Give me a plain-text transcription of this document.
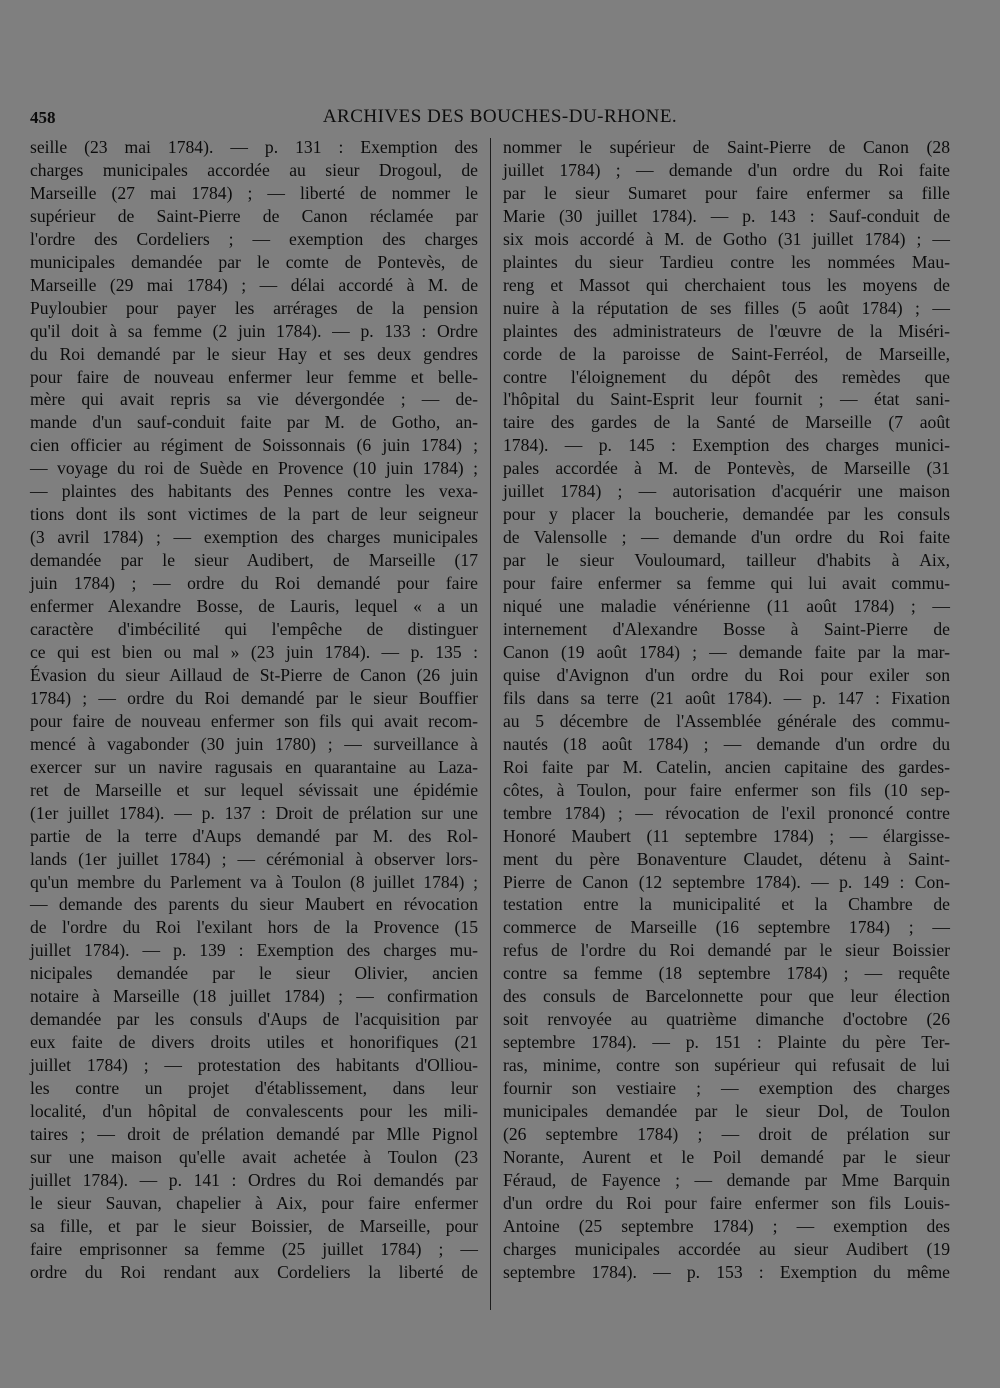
458	ARCHIVES DES BOUCHES-DU-RHONE.
seille (23 mai 1784). — p. 131 : Exemption des
charges municipales accordée au sieur Drogoul, de
Marseille (27 mai 1784) ; — liberté de nommer le
supérieur de Saint-Pierre de Canon réclamée par
l'ordre des Cordeliers ; — exemption des charges
municipales demandée par le comte de Pontevès, de
Marseille (29 mai 1784) ; — délai accordé à M. de
Puyloubier pour payer les arrérages de la pension
qu'il doit à sa femme (2 juin 1784). — p. 133 : Ordre
du Roi demandé par le sieur Hay et ses deux gendres
pour faire de nouveau enfermer leur femme et belle-
mère qui avait repris sa vie dévergondée ; — de-
mande d'un sauf-conduit faite par M. de Gotho, an-
cien officier au régiment de Soissonnais (6 juin 1784) ;
— voyage du roi de Suède en Provence (10 juin 1784) ;
— plaintes des habitants des Pennes contre les vexa-
tions dont ils sont victimes de la part de leur seigneur
(3 avril 1784) ; — exemption des charges municipales
demandée par le sieur Audibert, de Marseille (17
juin 1784) ; — ordre du Roi demandé pour faire
enfermer Alexandre Bosse, de Lauris, lequel « a un
caractère d'imbécilité qui l'empêche de distinguer
ce qui est bien ou mal » (23 juin 1784). — p. 135 :
Évasion du sieur Aillaud de St-Pierre de Canon (26 juin
1784) ; — ordre du Roi demandé par le sieur Bouffier
pour faire de nouveau enfermer son fils qui avait recom-
mencé à vagabonder (30 juin 1780) ; — surveillance à
exercer sur un navire ragusais en quarantaine au Laza-
ret de Marseille et sur lequel sévissait une épidémie
(1er juillet 1784). — p. 137 : Droit de prélation sur une
partie de la terre d'Aups demandé par M. des Rol-
lands (1er juillet 1784) ; — cérémonial à observer lors-
qu'un membre du Parlement va à Toulon (8 juillet 1784) ;
— demande des parents du sieur Maubert en révocation
de l'ordre du Roi l'exilant hors de la Provence (15
juillet 1784). — p. 139 : Exemption des charges mu-
nicipales demandée par le sieur Olivier, ancien
notaire à Marseille (18 juillet 1784) ; — confirmation
demandée par les consuls d'Aups de l'acquisition par
eux faite de divers droits utiles et honorifiques (21
juillet 1784) ; — protestation des habitants d'Olliou-
les contre un projet d'établissement, dans leur
localité, d'un hôpital de convalescents pour les mili-
taires ; — droit de prélation demandé par Mlle Pignol
sur une maison qu'elle avait achetée à Toulon (23
juillet 1784). — p. 141 : Ordres du Roi demandés par
le sieur Sauvan, chapelier à Aix, pour faire enfermer
sa fille, et par le sieur Boissier, de Marseille, pour
faire emprisonner sa femme (25 juillet 1784) ; —
ordre du Roi rendant aux Cordeliers la liberté de
nommer le supérieur de Saint-Pierre de Canon (28
juillet 1784) ; — demande d'un ordre du Roi faite
par le sieur Sumaret pour faire enfermer sa fille
Marie (30 juillet 1784). — p. 143 : Sauf-conduit de
six mois accordé à M. de Gotho (31 juillet 1784) ; —
plaintes du sieur Tardieu contre les nommées Mau-
reng et Massot qui cherchaient tous les moyens de
nuire à la réputation de ses filles (5 août 1784) ; —
plaintes des administrateurs de l'œuvre de la Miséri-
corde de la paroisse de Saint-Ferréol, de Marseille,
contre l'éloignement du dépôt des remèdes que
l'hôpital du Saint-Esprit leur fournit ; — état sani-
taire des gardes de la Santé de Marseille (7 août
1784). — p. 145 : Exemption des charges munici-
pales accordée à M. de Pontevès, de Marseille (31
juillet 1784) ; — autorisation d'acquérir une maison
pour y placer la boucherie, demandée par les consuls
de Valensolle ; — demande d'un ordre du Roi faite
par le sieur Vouloumard, tailleur d'habits à Aix,
pour faire enfermer sa femme qui lui avait commu-
niqué une maladie vénérienne (11 août 1784) ; —
internement d'Alexandre Bosse à Saint-Pierre de
Canon (19 août 1784) ; — demande faite par la mar-
quise d'Avignon d'un ordre du Roi pour exiler son
fils dans sa terre (21 août 1784). — p. 147 : Fixation
au 5 décembre de l'Assemblée générale des commu-
nautés (18 août 1784) ; — demande d'un ordre du
Roi faite par M. Catelin, ancien capitaine des gardes-
côtes, à Toulon, pour faire enfermer son fils (10 sep-
tembre 1784) ; — révocation de l'exil prononcé contre
Honoré Maubert (11 septembre 1784) ; — élargisse-
ment du père Bonaventure Claudet, détenu à Saint-
Pierre de Canon (12 septembre 1784). — p. 149 : Con-
testation entre la municipalité et la Chambre de
commerce de Marseille (16 septembre 1784) ; —
refus de l'ordre du Roi demandé par le sieur Boissier
contre sa femme (18 septembre 1784) ; — requête
des consuls de Barcelonnette pour que leur élection
soit renvoyée au quatrième dimanche d'octobre (26
septembre 1784). — p. 151 : Plainte du père Ter-
ras, minime, contre son supérieur qui refusait de lui
fournir son vestiaire ; — exemption des charges
municipales demandée par le sieur Dol, de Toulon
(26 septembre 1784) ; — droit de prélation sur
Norante, Aurent et le Poil demandé par le sieur
Féraud, de Fayence ; — demande par Mme Barquin
d'un ordre du Roi pour faire enfermer son fils Louis-
Antoine (25 septembre 1784) ; — exemption des
charges municipales accordée au sieur Audibert (19
septembre 1784). — p. 153 : Exemption du même
